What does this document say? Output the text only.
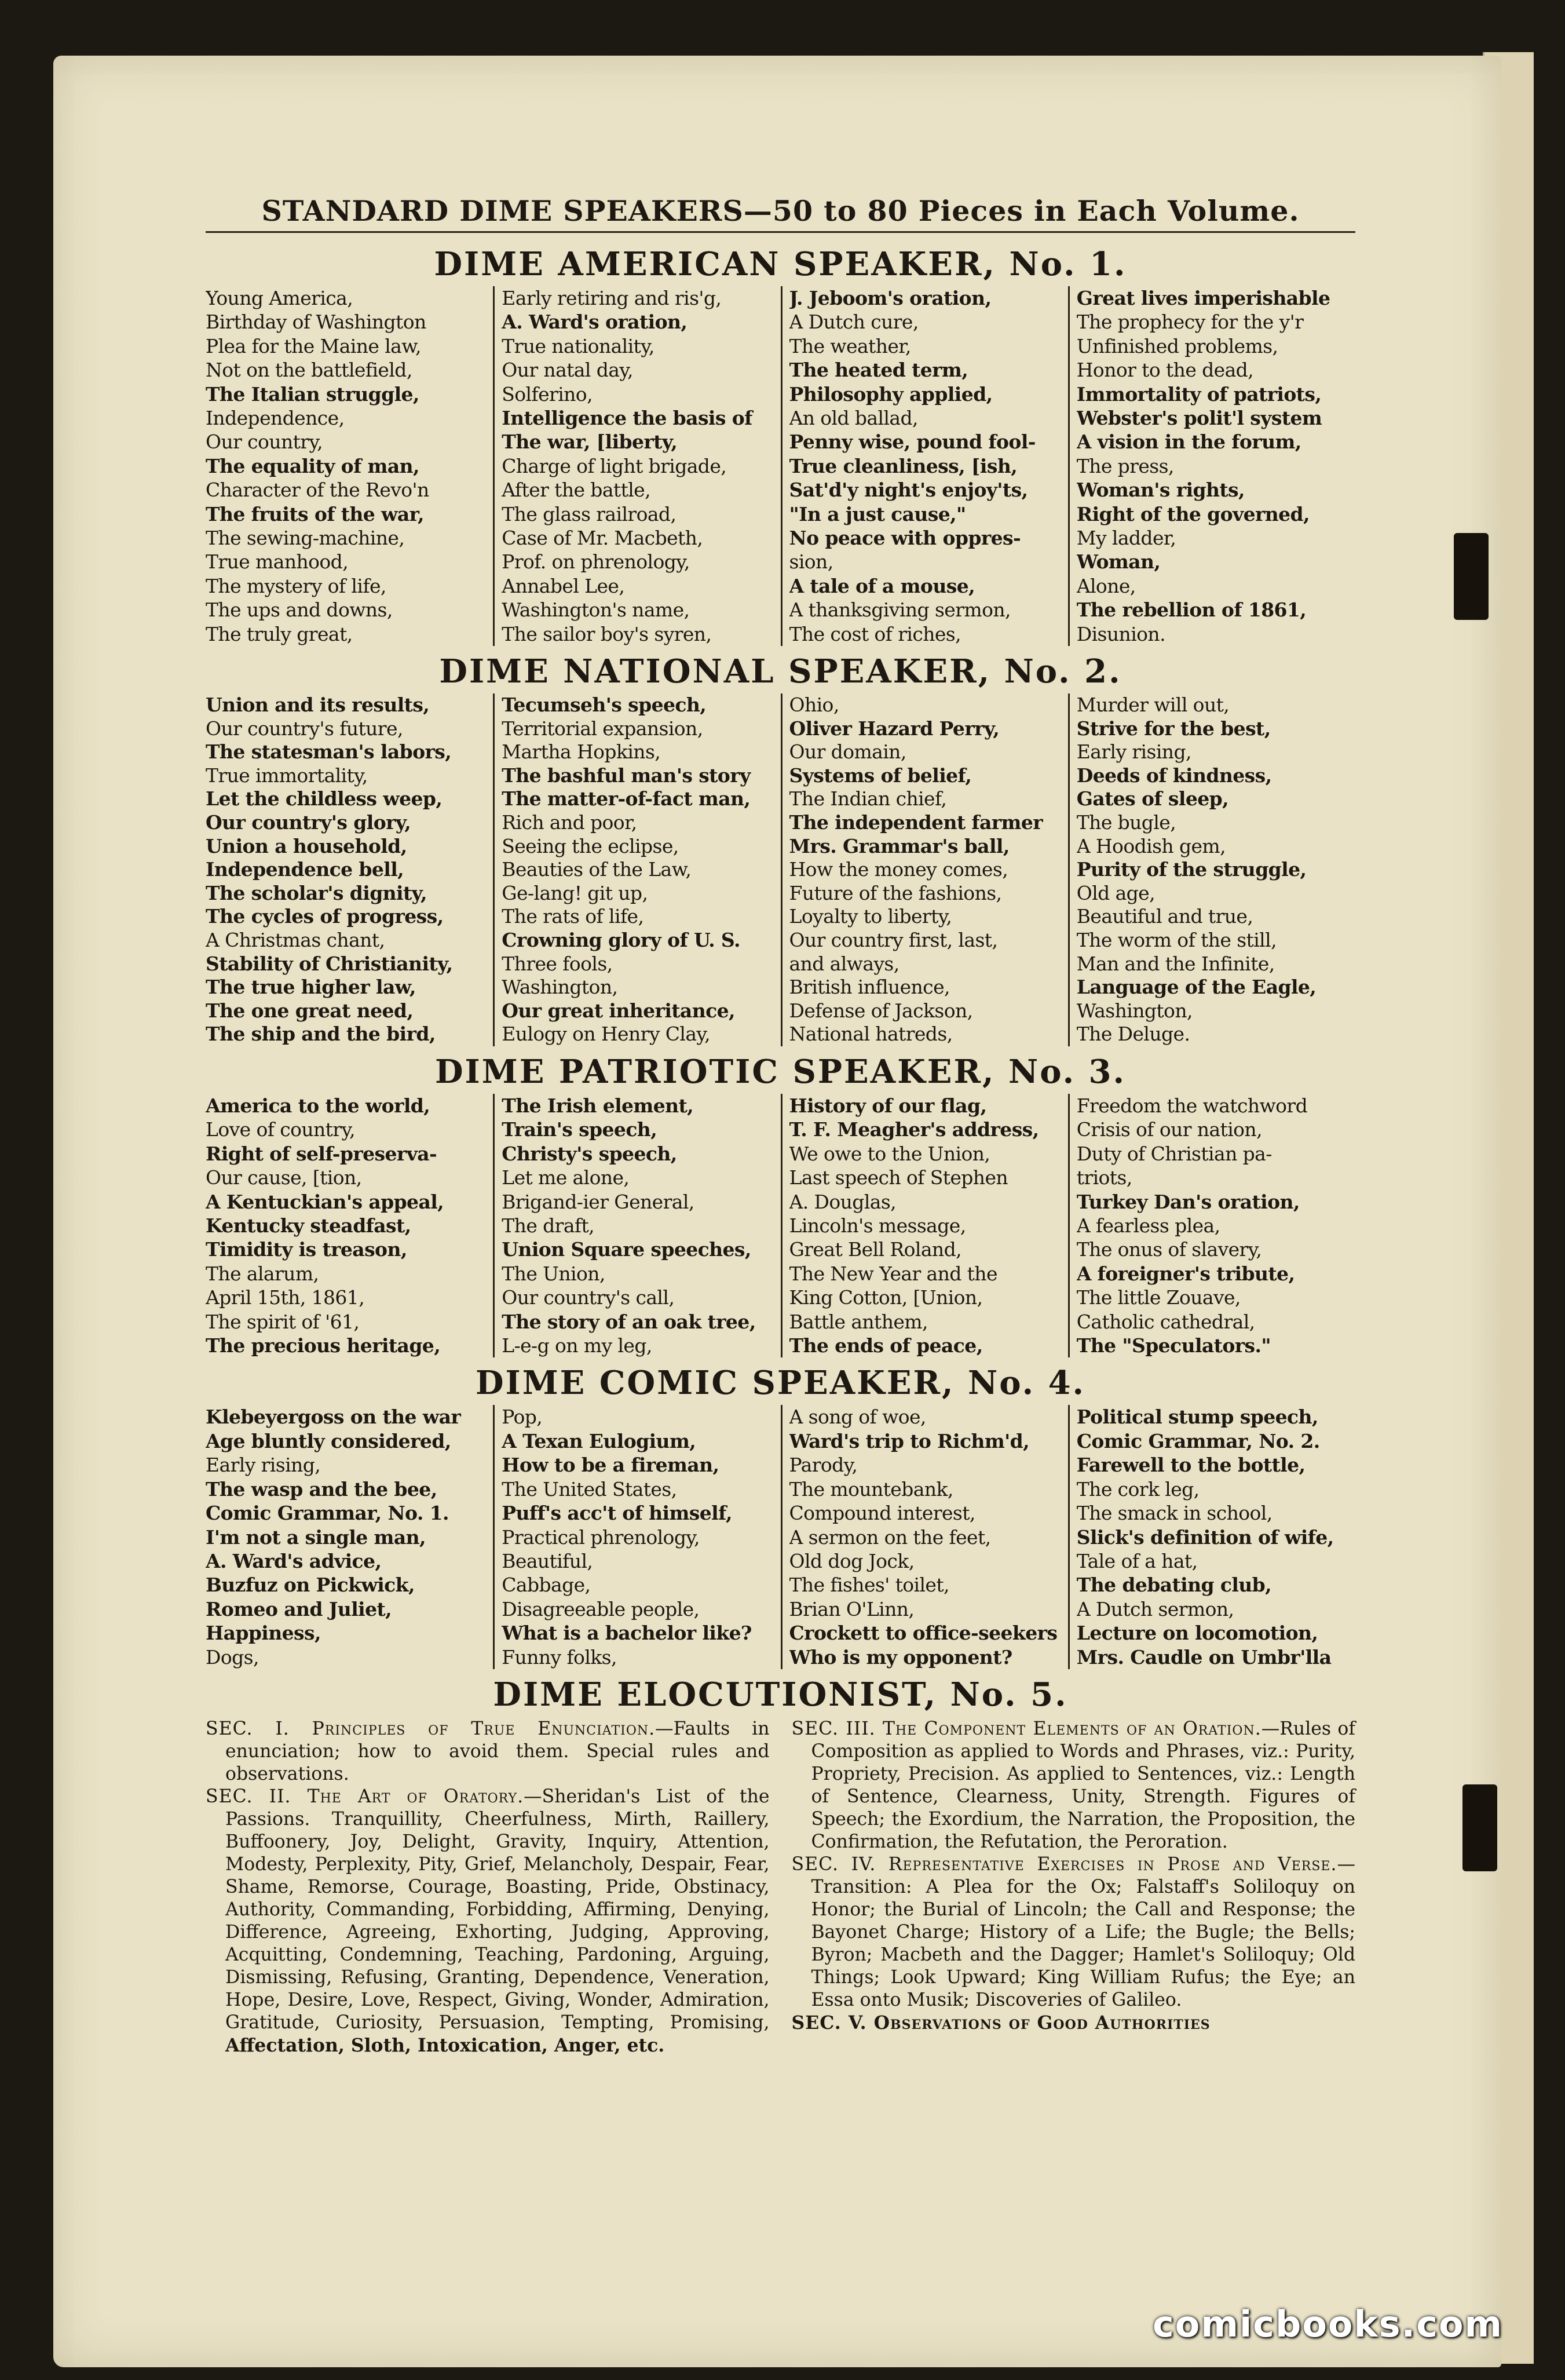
STANDARD DIME SPEAKERS—50 to 80 Pieces in Each Volume.
DIME AMERICAN SPEAKER, No. 1.
Young America,
Birthday of Washington
Plea for the Maine law,
Not on the battlefield,
The Italian struggle,
Independence,
Our country,
The equality of man,
Character of the Revo'n
The fruits of the war,
The sewing-machine,
True manhood,
The mystery of life,
The ups and downs,
The truly great,
Early retiring and ris'g,
A. Ward's oration,
True nationality,
Our natal day,
Solferino,
Intelligence the basis of
The war, [liberty,
Charge of light brigade,
After the battle,
The glass railroad,
Case of Mr. Macbeth,
Prof. on phrenology,
Annabel Lee,
Washington's name,
The sailor boy's syren,
J. Jeboom's oration,
A Dutch cure,
The weather,
The heated term,
Philosophy applied,
An old ballad,
Penny wise, pound fool-
True cleanliness, [ish,
Sat'd'y night's enjoy'ts,
"In a just cause,"
No peace with oppres-
sion,
A tale of a mouse,
A thanksgiving sermon,
The cost of riches,
Great lives imperishable
The prophecy for the y'r
Unfinished problems,
Honor to the dead,
Immortality of patriots,
Webster's polit'l system
A vision in the forum,
The press,
Woman's rights,
Right of the governed,
My ladder,
Woman,
Alone,
The rebellion of 1861,
Disunion.
DIME NATIONAL SPEAKER, No. 2.
Union and its results,
Our country's future,
The statesman's labors,
True immortality,
Let the childless weep,
Our country's glory,
Union a household,
Independence bell,
The scholar's dignity,
The cycles of progress,
A Christmas chant,
Stability of Christianity,
The true higher law,
The one great need,
The ship and the bird,
Tecumseh's speech,
Territorial expansion,
Martha Hopkins,
The bashful man's story
The matter-of-fact man,
Rich and poor,
Seeing the eclipse,
Beauties of the Law,
Ge-lang! git up,
The rats of life,
Crowning glory of U. S.
Three fools,
Washington,
Our great inheritance,
Eulogy on Henry Clay,
Ohio,
Oliver Hazard Perry,
Our domain,
Systems of belief,
The Indian chief,
The independent farmer
Mrs. Grammar's ball,
How the money comes,
Future of the fashions,
Loyalty to liberty,
Our country first, last,
and always,
British influence,
Defense of Jackson,
National hatreds,
Murder will out,
Strive for the best,
Early rising,
Deeds of kindness,
Gates of sleep,
The bugle,
A Hoodish gem,
Purity of the struggle,
Old age,
Beautiful and true,
The worm of the still,
Man and the Infinite,
Language of the Eagle,
Washington,
The Deluge.
DIME PATRIOTIC SPEAKER, No. 3.
America to the world,
Love of country,
Right of self-preserva-
Our cause, [tion,
A Kentuckian's appeal,
Kentucky steadfast,
Timidity is treason,
The alarum,
April 15th, 1861,
The spirit of '61,
The precious heritage,
The Irish element,
Train's speech,
Christy's speech,
Let me alone,
Brigand-ier General,
The draft,
Union Square speeches,
The Union,
Our country's call,
The story of an oak tree,
L-e-g on my leg,
History of our flag,
T. F. Meagher's address,
We owe to the Union,
Last speech of Stephen
A. Douglas,
Lincoln's message,
Great Bell Roland,
The New Year and the
King Cotton, [Union,
Battle anthem,
The ends of peace,
Freedom the watchword
Crisis of our nation,
Duty of Christian pa-
triots,
Turkey Dan's oration,
A fearless plea,
The onus of slavery,
A foreigner's tribute,
The little Zouave,
Catholic cathedral,
The "Speculators."
DIME COMIC SPEAKER, No. 4.
Klebeyergoss on the war
Age bluntly considered,
Early rising,
The wasp and the bee,
Comic Grammar, No. 1.
I'm not a single man,
A. Ward's advice,
Buzfuz on Pickwick,
Romeo and Juliet,
Happiness,
Dogs,
Pop,
A Texan Eulogium,
How to be a fireman,
The United States,
Puff's acc't of himself,
Practical phrenology,
Beautiful,
Cabbage,
Disagreeable people,
What is a bachelor like?
Funny folks,
A song of woe,
Ward's trip to Richm'd,
Parody,
The mountebank,
Compound interest,
A sermon on the feet,
Old dog Jock,
The fishes' toilet,
Brian O'Linn,
Crockett to office-seekers
Who is my opponent?
Political stump speech,
Comic Grammar, No. 2.
Farewell to the bottle,
The cork leg,
The smack in school,
Slick's definition of wife,
Tale of a hat,
The debating club,
A Dutch sermon,
Lecture on locomotion,
Mrs. Caudle on Umbr'lla
DIME ELOCUTIONIST, No. 5.

SEC. I. Principles of True Enunciation.—Faults in enunciation; how to avoid them. Special rules and observations.

SEC. II. The Art of Oratory.—Sheridan's List of the Passions. Tranquillity, Cheerfulness, Mirth, Raillery, Buffoonery, Joy, Delight, Gravity, Inquiry, Attention, Modesty, Perplexity, Pity, Grief, Melancholy, Despair, Fear, Shame, Remorse, Courage, Boasting, Pride, Obstinacy, Authority, Commanding, Forbidding, Affirming, Denying, Difference, Agreeing, Exhorting, Judging, Approving, Acquitting, Condemning, Teaching, Pardoning, Arguing, Dismissing, Refusing, Granting, Dependence, Veneration, Hope, Desire, Love, Respect, Giving, Wonder, Admiration, Gratitude, Curiosity, Persuasion, Tempting, Promising, Affectation, Sloth, Intoxication, Anger, etc.

SEC. III. The Component Elements of an Oration.—Rules of Composition as applied to Words and Phrases, viz.: Purity, Propriety, Precision. As applied to Sentences, viz.: Length of Sentence, Clearness, Unity, Strength. Figures of Speech; the Exordium, the Narration, the Proposition, the Confirmation, the Refutation, the Peroration.

SEC. IV. Representative Exercises in Prose and Verse.—Transition: A Plea for the Ox; Falstaff's Soliloquy on Honor; the Burial of Lincoln; the Call and Response; the Bayonet Charge; History of a Life; the Bugle; the Bells; Byron; Macbeth and the Dagger; Hamlet's Soliloquy; Old Things; Look Upward; King William Rufus; the Eye; an Essa onto Musik; Discoveries of Galileo.

SEC. V. Observations of Good Authorities

comicbooks.com
